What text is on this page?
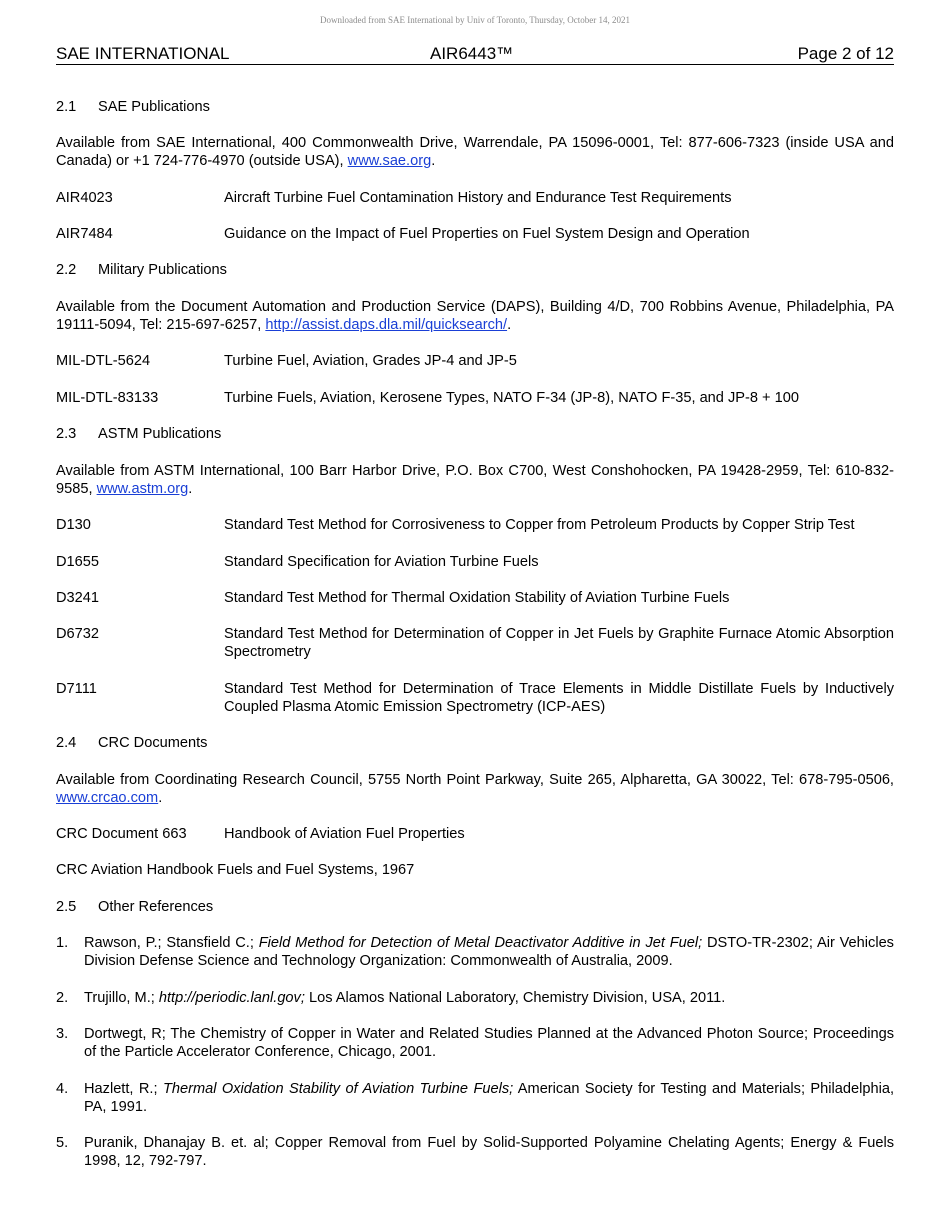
Downloaded from SAE International by Univ of Toronto, Thursday, October 14, 2021
SAE INTERNATIONAL	AIR6443™	Page 2 of 12
2.1 SAE Publications
Available from SAE International, 400 Commonwealth Drive, Warrendale, PA 15096-0001, Tel: 877-606-7323 (inside USA and Canada) or +1 724-776-4970 (outside USA), www.sae.org.
AIR4023	Aircraft Turbine Fuel Contamination History and Endurance Test Requirements
AIR7484	Guidance on the Impact of Fuel Properties on Fuel System Design and Operation
2.2 Military Publications
Available from the Document Automation and Production Service (DAPS), Building 4/D, 700 Robbins Avenue, Philadelphia, PA 19111-5094, Tel: 215-697-6257, http://assist.daps.dla.mil/quicksearch/.
MIL-DTL-5624	Turbine Fuel, Aviation, Grades JP-4 and JP-5
MIL-DTL-83133	Turbine Fuels, Aviation, Kerosene Types, NATO F-34 (JP-8), NATO F-35, and JP-8 + 100
2.3 ASTM Publications
Available from ASTM International, 100 Barr Harbor Drive, P.O. Box C700, West Conshohocken, PA 19428-2959, Tel: 610-832-9585, www.astm.org.
D130	Standard Test Method for Corrosiveness to Copper from Petroleum Products by Copper Strip Test
D1655	Standard Specification for Aviation Turbine Fuels
D3241	Standard Test Method for Thermal Oxidation Stability of Aviation Turbine Fuels
D6732	Standard Test Method for Determination of Copper in Jet Fuels by Graphite Furnace Atomic Absorption Spectrometry
D7111	Standard Test Method for Determination of Trace Elements in Middle Distillate Fuels by Inductively Coupled Plasma Atomic Emission Spectrometry (ICP-AES)
2.4 CRC Documents
Available from Coordinating Research Council, 5755 North Point Parkway, Suite 265, Alpharetta, GA 30022, Tel: 678-795-0506, www.crcao.com.
CRC Document 663	Handbook of Aviation Fuel Properties
CRC Aviation Handbook Fuels and Fuel Systems, 1967
2.5 Other References
1. Rawson, P.; Stansfield C.; Field Method for Detection of Metal Deactivator Additive in Jet Fuel; DSTO-TR-2302; Air Vehicles Division Defense Science and Technology Organization: Commonwealth of Australia, 2009.
2. Trujillo, M.; http://periodic.lanl.gov; Los Alamos National Laboratory, Chemistry Division, USA, 2011.
3. Dortwegt, R; The Chemistry of Copper in Water and Related Studies Planned at the Advanced Photon Source; Proceedings of the Particle Accelerator Conference, Chicago, 2001.
4. Hazlett, R.; Thermal Oxidation Stability of Aviation Turbine Fuels; American Society for Testing and Materials; Philadelphia, PA, 1991.
5. Puranik, Dhanajay B. et. al; Copper Removal from Fuel by Solid-Supported Polyamine Chelating Agents; Energy & Fuels 1998, 12, 792-797.
